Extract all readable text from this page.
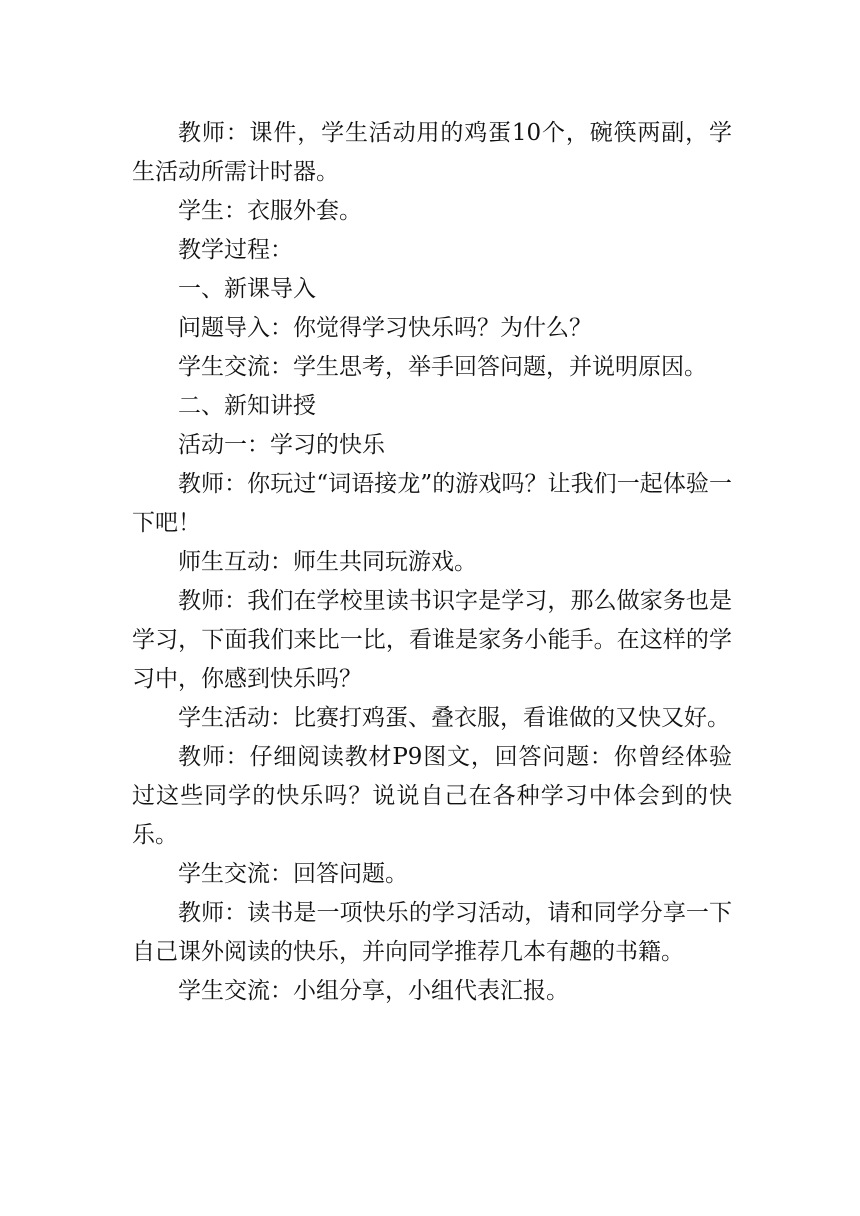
教师：课件，学生活动用的鸡蛋10个，碗筷两副，学生活动所需计时器。

学生：衣服外套。

教学过程：

一、新课导入

问题导入：你觉得学习快乐吗？为什么？

学生交流：学生思考，举手回答问题，并说明原因。

二、新知讲授

活动一：学习的快乐

教师：你玩过“词语接龙”的游戏吗？让我们一起体验一下吧！

师生互动：师生共同玩游戏。

教师：我们在学校里读书识字是学习，那么做家务也是学习，下面我们来比一比，看谁是家务小能手。在这样的学习中，你感到快乐吗？

学生活动：比赛打鸡蛋、叠衣服，看谁做的又快又好。

教师：仔细阅读教材P9图文，回答问题：你曾经体验过这些同学的快乐吗？说说自己在各种学习中体会到的快乐。

学生交流：回答问题。

教师：读书是一项快乐的学习活动，请和同学分享一下自己课外阅读的快乐，并向同学推荐几本有趣的书籍。

学生交流：小组分享，小组代表汇报。
